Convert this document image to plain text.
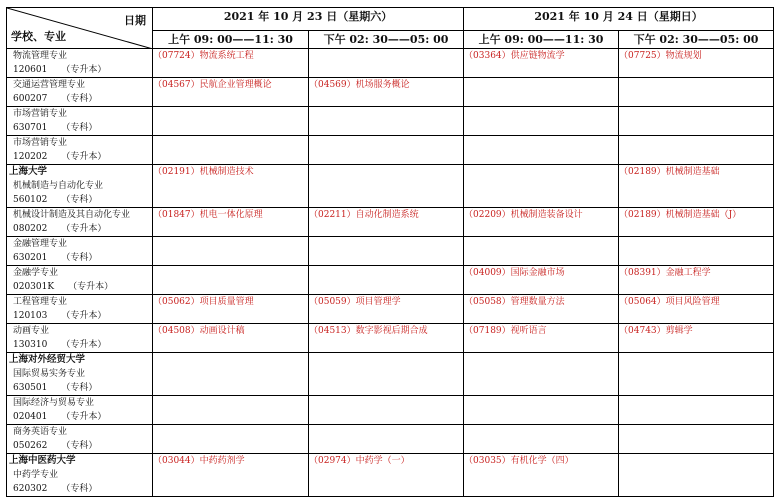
日期
学校、专业	2021 年 10 月 23 日（星期六）		2021 年 10 月 24 日（星期日）	
	上午 09: 00——11: 30	下午 02: 30——05: 00	上午 09: 00——11: 30	下午 02: 30——05: 00

物流管理专业
120601 （专升本）	（07724）物流系统工程		（03364）供应链物流学	（07725）物流规划

交通运营管理专业
600207 （专科）	（04567）民航企业管理概论	（04569）机场服务概论		

市场营销专业
630701 （专科）				

市场营销专业
120202 （专升本）				

上海大学
机械制造与自动化专业
560102 （专科）	（02191）机械制造技术			（02189）机械制造基础

机械设计制造及其自动化专业
080202 （专升本）	（01847）机电一体化原理	（02211）自动化制造系统	（02209）机械制造装备设计	（02189）机械制造基础（J）

金融管理专业
630201 （专科）				

金融学专业
020301K （专升本）			（04009）国际金融市场	（08391）金融工程学

工程管理专业
120103 （专升本）	（05062）项目质量管理	（05059）项目管理学	（05058）管理数量方法	（05064）项目风险管理

动画专业
130310 （专升本）	（04508）动画设计稿	（04513）数字影视后期合成	（07189）视听语言	（04743）剪辑学

上海对外经贸大学
国际贸易实务专业
630501 （专科）				

国际经济与贸易专业
020401 （专升本）				

商务英语专业
050262 （专科）				

上海中医药大学
中药学专业
620302 （专科）	（03044）中药药剂学	（02974）中药学（一）	（03035）有机化学（四）	
